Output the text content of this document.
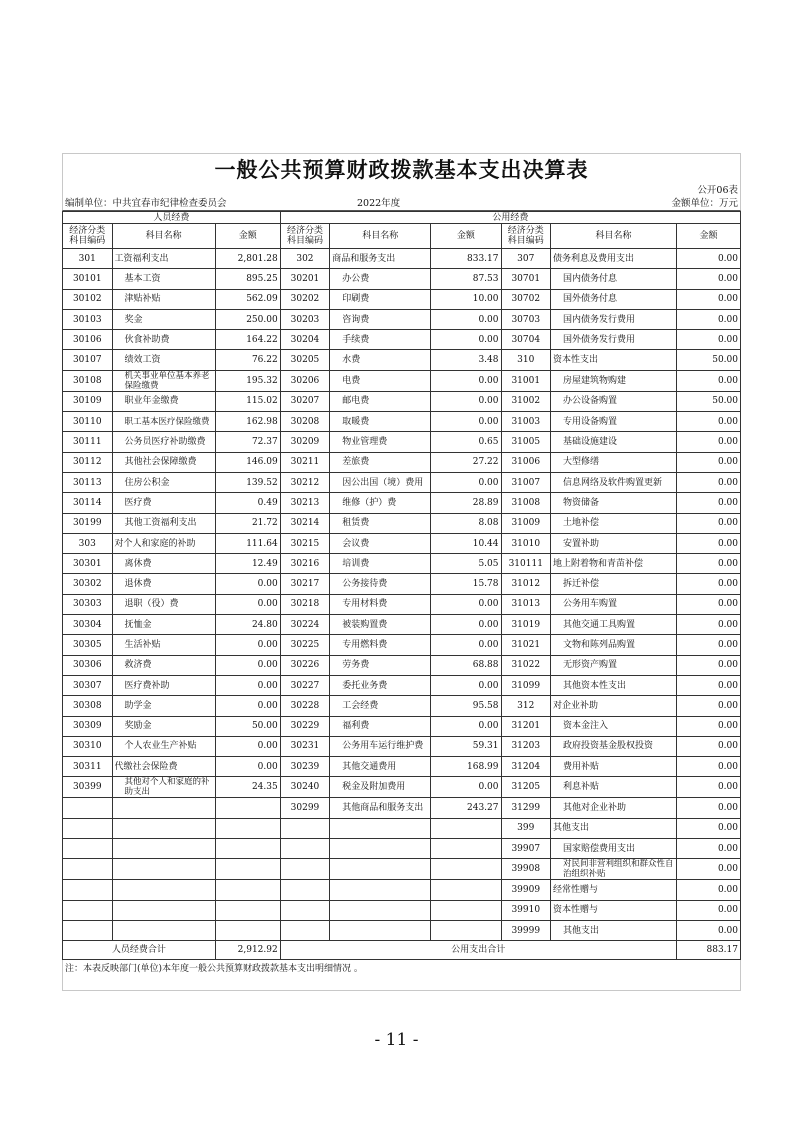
一般公共预算财政拨款基本支出决算表
公开06表
编制单位：中共宜春市纪律检查委员会	2022年度	金额单位：万元
人员经费			公用经费					
经济分类科目编码	科目名称	金额	经济分类科目编码	科目名称	金额	经济分类科目编码	科目名称	金额
301	工资福利支出	2,801.28	302	商品和服务支出	833.17	307	债务利息及费用支出	0.00
30101	基本工资	895.25	30201	办公费	87.53	30701	国内债务付息	0.00
30102	津贴补贴	562.09	30202	印刷费	10.00	30702	国外债务付息	0.00
30103	奖金	250.00	30203	咨询费	0.00	30703	国内债务发行费用	0.00
30106	伙食补助费	164.22	30204	手续费	0.00	30704	国外债务发行费用	0.00
30107	绩效工资	76.22	30205	水费	3.48	310	资本性支出	50.00
30108	机关事业单位基本养老保险缴费	195.32	30206	电费	0.00	31001	房屋建筑物购建	0.00
30109	职业年金缴费	115.02	30207	邮电费	0.00	31002	办公设备购置	50.00
30110	职工基本医疗保险缴费	162.98	30208	取暖费	0.00	31003	专用设备购置	0.00
30111	公务员医疗补助缴费	72.37	30209	物业管理费	0.65	31005	基础设施建设	0.00
30112	其他社会保障缴费	146.09	30211	差旅费	27.22	31006	大型修缮	0.00
30113	住房公积金	139.52	30212	因公出国（境）费用	0.00	31007	信息网络及软件购置更新	0.00
30114	医疗费	0.49	30213	维修（护）费	28.89	31008	物资储备	0.00
30199	其他工资福利支出	21.72	30214	租赁费	8.08	31009	土地补偿	0.00
303	对个人和家庭的补助	111.64	30215	会议费	10.44	31010	安置补助	0.00
30301	离休费	12.49	30216	培训费	5.05	310111	地上附着物和青苗补偿	0.00
30302	退休费	0.00	30217	公务接待费	15.78	31012	拆迁补偿	0.00
30303	退职（役）费	0.00	30218	专用材料费	0.00	31013	公务用车购置	0.00
30304	抚恤金	24.80	30224	被装购置费	0.00	31019	其他交通工具购置	0.00
30305	生活补贴	0.00	30225	专用燃料费	0.00	31021	文物和陈列品购置	0.00
30306	救济费	0.00	30226	劳务费	68.88	31022	无形资产购置	0.00
30307	医疗费补助	0.00	30227	委托业务费	0.00	31099	其他资本性支出	0.00
30308	助学金	0.00	30228	工会经费	95.58	312	对企业补助	0.00
30309	奖励金	50.00	30229	福利费	0.00	31201	资本金注入	0.00
30310	个人农业生产补贴	0.00	30231	公务用车运行维护费	59.31	31203	政府投资基金股权投资	0.00
30311	代缴社会保险费	0.00	30239	其他交通费用	168.99	31204	费用补贴	0.00
30399	其他对个人和家庭的补助支出	24.35	30240	税金及附加费用	0.00	31205	利息补贴	0.00
			30299	其他商品和服务支出	243.27	31299	其他对企业补助	0.00
						399	其他支出	0.00
						39907	国家赔偿费用支出	0.00
						39908	对民间非营利组织和群众性自治组织补贴	0.00
						39909	经常性赠与	0.00
						39910	资本性赠与	0.00
						39999	其他支出	0.00
人员经费合计		2,912.92	公用支出合计					883.17
注：本表反映部门(单位)本年度一般公共预算财政拨款基本支出明细情况 。
- 11 -
